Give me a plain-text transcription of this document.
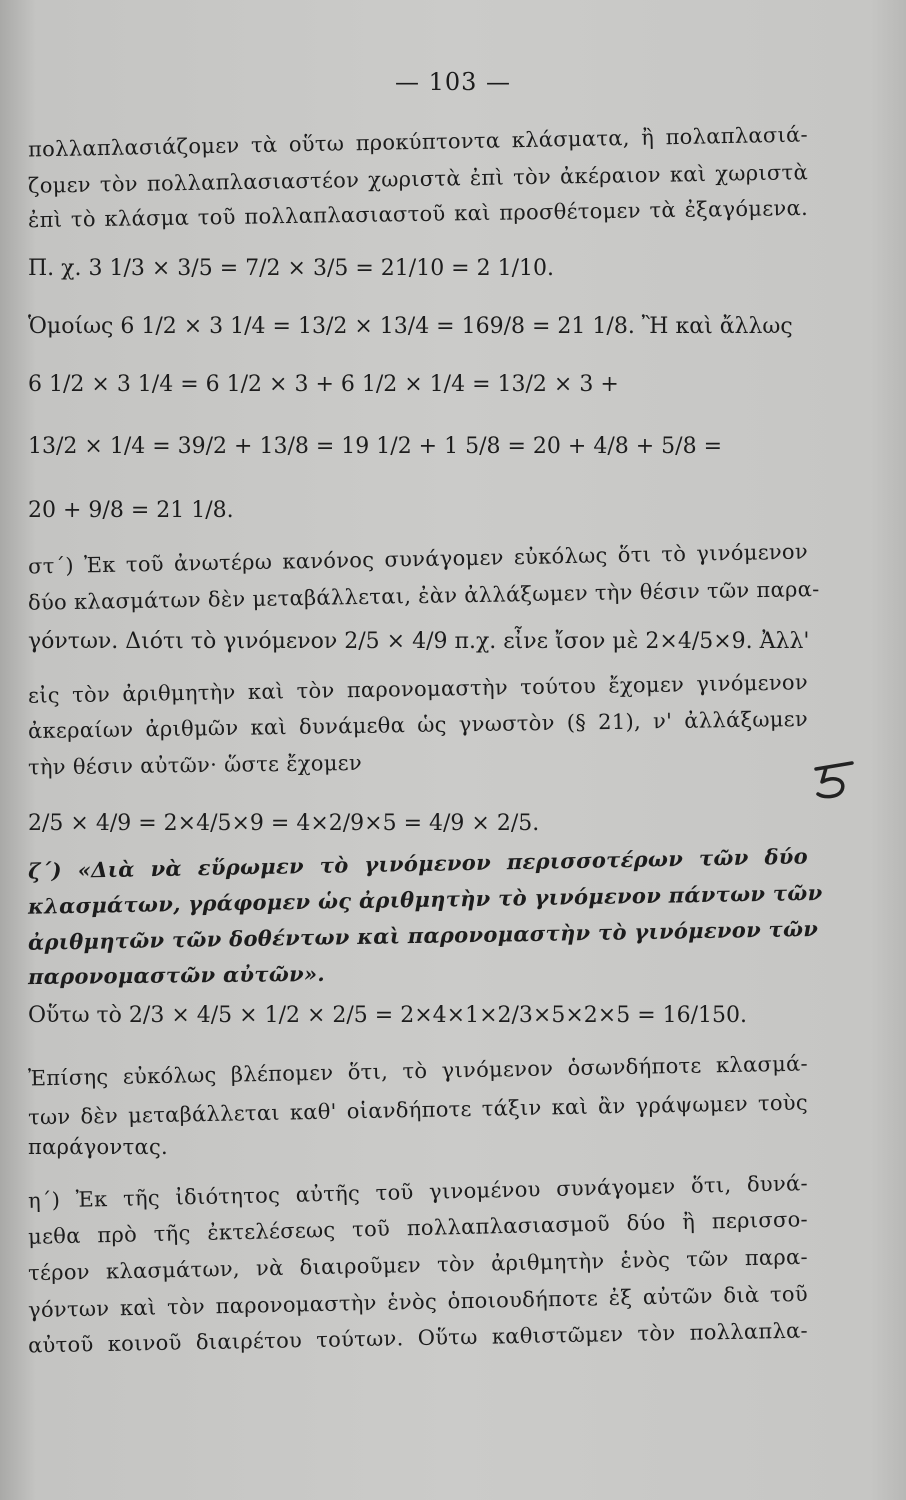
— 103 —
πολλαπλασιάζομεν τὰ οὕτω προκύπτοντα κλάσματα, ἢ πολαπλασιά-
ζομεν τὸν πολλαπλασιαστέον χωριστὰ ἐπὶ τὸν ἀκέραιον καὶ χωριστὰ
ἐπὶ τὸ κλάσμα τοῦ πολλαπλασιαστοῦ καὶ προσθέτομεν τὰ ἐξαγόμενα.
Π. χ. 3 1/3 × 3/5 = 7/2 × 3/5 = 21/10 = 2 1/10.
Ὁμοίως 6 1/2 × 3 1/4 = 13/2 × 13/4 = 169/8 = 21 1/8. Ἢ καὶ ἄλλως
6 1/2 × 3 1/4 = 6 1/2 × 3 + 6 1/2 × 1/4 = 13/2 × 3 +
13/2 × 1/4 = 39/2 + 13/8 = 19 1/2 + 1 5/8 = 20 + 4/8 + 5/8 =
20 + 9/8 = 21 1/8.
στ΄) Ἐκ τοῦ ἀνωτέρω κανόνος συνάγομεν εὐκόλως ὅτι τὸ γινόμενον
δύο κλασμάτων δὲν μεταβάλλεται, ἐὰν ἀλλάξωμεν τὴν θέσιν τῶν παρα-
γόντων. Διότι τὸ γινόμενον 2/5 × 4/9 π.χ. εἶνε ἴσον μὲ 2×4/5×9. Ἀλλ'
εἰς τὸν ἀριθμητὴν καὶ τὸν παρονομαστὴν τούτου ἔχομεν γινόμενον
ἀκεραίων ἀριθμῶν καὶ δυνάμεθα ὡς γνωστὸν (§ 21), ν' ἀλλάξωμεν
τὴν θέσιν αὐτῶν· ὥστε ἔχομεν
2/5 × 4/9 = 2×4/5×9 = 4×2/9×5 = 4/9 × 2/5.
ζ΄) «Διὰ νὰ εὕρωμεν τὸ γινόμενον περισσοτέρων τῶν δύο
κλασμάτων, γράφομεν ὡς ἀριθμητὴν τὸ γινόμενον πάντων τῶν
ἀριθμητῶν τῶν δοθέντων καὶ παρονομαστὴν τὸ γινόμενον τῶν
παρονομαστῶν αὐτῶν».
Οὕτω τὸ 2/3 × 4/5 × 1/2 × 2/5 = 2×4×1×2/3×5×2×5 = 16/150.
Ἐπίσης εὐκόλως βλέπομεν ὅτι, τὸ γινόμενον ὁσωνδήποτε κλασμά-
των δὲν μεταβάλλεται καθ' οἱανδήποτε τάξιν καὶ ἂν γράψωμεν τοὺς
παράγοντας.
η΄) Ἐκ τῆς ἰδιότητος αὐτῆς τοῦ γινομένου συνάγομεν ὅτι, δυνά-
μεθα πρὸ τῆς ἐκτελέσεως τοῦ πολλαπλασιασμοῦ δύο ἢ περισσο-
τέρον κλασμάτων, νὰ διαιροῦμεν τὸν ἀριθμητὴν ἑνὸς τῶν παρα-
γόντων καὶ τὸν παρονομαστὴν ἑνὸς ὁποιουδήποτε ἐξ αὐτῶν διὰ τοῦ
αὐτοῦ κοινοῦ διαιρέτου τούτων. Οὕτω καθιστῶμεν τὸν πολλαπλα-
